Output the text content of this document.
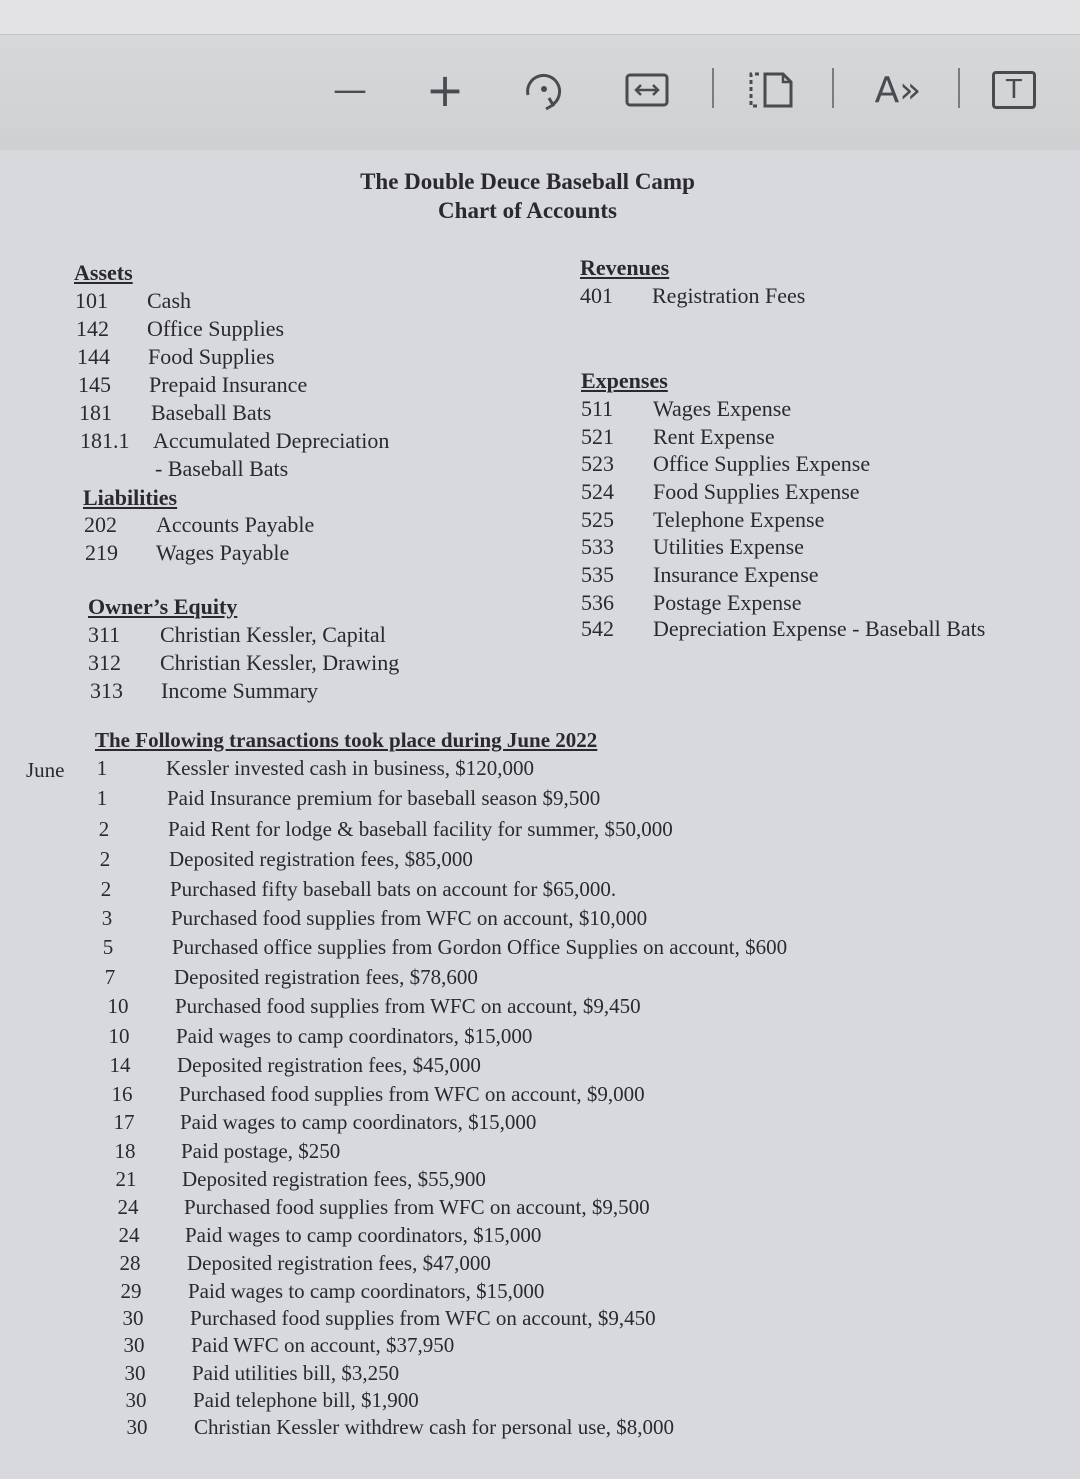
— +	A»	T
The Double Deuce Baseball Camp
Chart of Accounts
Assets
101 Cash
142 Office Supplies
144 Food Supplies
145 Prepaid Insurance
181 Baseball Bats
181.1 Accumulated Depreciation
- Baseball Bats
Liabilities
202 Accounts Payable
219 Wages Payable
Owner’s Equity
311 Christian Kessler, Capital
312 Christian Kessler, Drawing
313 Income Summary
Revenues
401 Registration Fees
Expenses
511 Wages Expense
521 Rent Expense
523 Office Supplies Expense
524 Food Supplies Expense
525 Telephone Expense
533 Utilities Expense
535 Insurance Expense
536 Postage Expense
542 Depreciation Expense - Baseball Bats
The Following transactions took place during June 2022
June	1	Kessler invested cash in business, $120,000
1	Paid Insurance premium for baseball season $9,500
2	Paid Rent for lodge & baseball facility for summer, $50,000
2	Deposited registration fees, $85,000
2	Purchased fifty baseball bats on account for $65,000.
3	Purchased food supplies from WFC on account, $10,000
5	Purchased office supplies from Gordon Office Supplies on account, $600
7	Deposited registration fees, $78,600
10	Purchased food supplies from WFC on account, $9,450
10	Paid wages to camp coordinators, $15,000
14	Deposited registration fees, $45,000
16	Purchased food supplies from WFC on account, $9,000
17	Paid wages to camp coordinators, $15,000
18	Paid postage, $250
21	Deposited registration fees, $55,900
24	Purchased food supplies from WFC on account, $9,500
24	Paid wages to camp coordinators, $15,000
28	Deposited registration fees, $47,000
29	Paid wages to camp coordinators, $15,000
30	Purchased food supplies from WFC on account, $9,450
30	Paid WFC on account, $37,950
30	Paid utilities bill, $3,250
30	Paid telephone bill, $1,900
30	Christian Kessler withdrew cash for personal use, $8,000
